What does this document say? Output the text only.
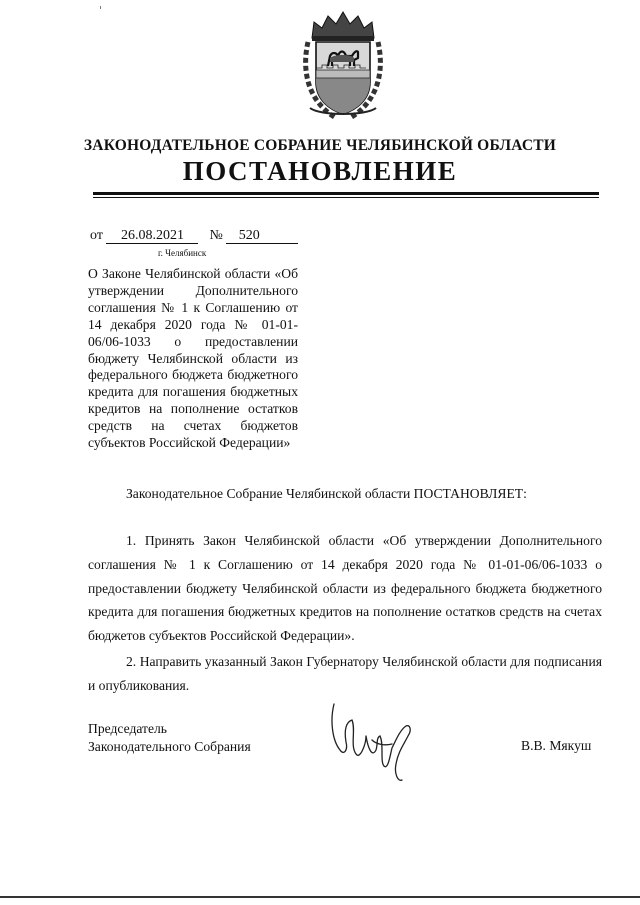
ЗАКОНОДАТЕЛЬНОЕ СОБРАНИЕ ЧЕЛЯБИНСКОЙ ОБЛАСТИ
ПОСТАНОВЛЕНИЕ
от 26.08.2021 № 520
г. Челябинск
О Законе Челябинской области «Об утверждении Дополнительного соглашения № 1 к Соглашению от 14 декабря 2020 года № 01-01-06/06-1033 о предоставлении бюджету Челябинской области из федерального бюджета бюджетного кредита для погашения бюджетных кредитов на пополнение остатков средств на счетах бюджетов субъектов Российской Федерации»
Законодательное Собрание Челябинской области ПОСТАНОВЛЯЕТ:
1. Принять Закон Челябинской области «Об утверждении Дополнительного соглашения № 1 к Соглашению от 14 декабря 2020 года № 01-01-06/06-1033 о предоставлении бюджету Челябинской области из федерального бюджета бюджетного кредита для погашения бюджетных кредитов на пополнение остатков средств на счетах бюджетов субъектов Российской Федерации».
2. Направить указанный Закон Губернатору Челябинской области для подписания и опубликования.
Председатель
Законодательного Собрания	В.В. Мякуш
